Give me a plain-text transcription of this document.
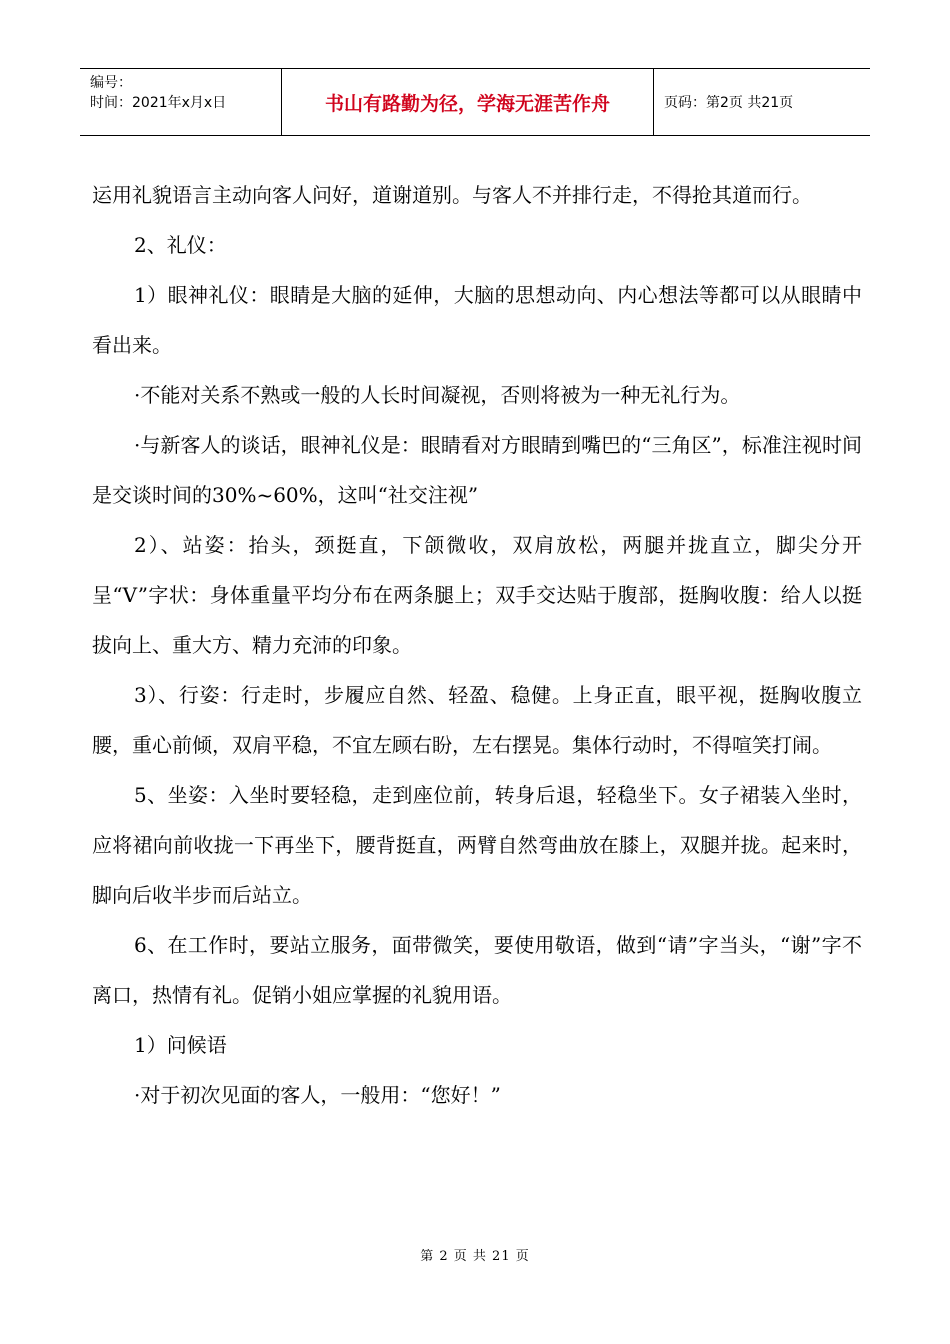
编号：
时间：2021年x月x日	书山有路勤为径，学海无涯苦作舟	页码：第2页 共21页

运用礼貌语言主动向客人问好，道谢道别。与客人不并排行走，不得抢其道而行。

2、礼仪：

1）眼神礼仪：眼睛是大脑的延伸，大脑的思想动向、内心想法等都可以从眼睛中看出来。

·不能对关系不熟或一般的人长时间凝视，否则将被为一种无礼行为。

·与新客人的谈话，眼神礼仪是：眼睛看对方眼睛到嘴巴的“三角区”，标准注视时间是交谈时间的30%~60%，这叫“社交注视”

2）、站姿：抬头，颈挺直，下颌微收，双肩放松，两腿并拢直立，脚尖分开呈“V”字状：身体重量平均分布在两条腿上；双手交达贴于腹部，挺胸收腹：给人以挺拔向上、重大方、精力充沛的印象。

3）、行姿：行走时，步履应自然、轻盈、稳健。上身正直，眼平视，挺胸收腹立腰，重心前倾，双肩平稳，不宜左顾右盼，左右摆晃。集体行动时，不得喧笑打闹。

5、坐姿：入坐时要轻稳，走到座位前，转身后退，轻稳坐下。女子裙装入坐时，应将裙向前收拢一下再坐下，腰背挺直，两臂自然弯曲放在膝上，双腿并拢。起来时，脚向后收半步而后站立。

6、在工作时，要站立服务，面带微笑，要使用敬语，做到“请”字当头，“谢”字不离口，热情有礼。促销小姐应掌握的礼貌用语。

1）问候语

·对于初次见面的客人，一般用：“您好！”

第 2 页 共 21 页
